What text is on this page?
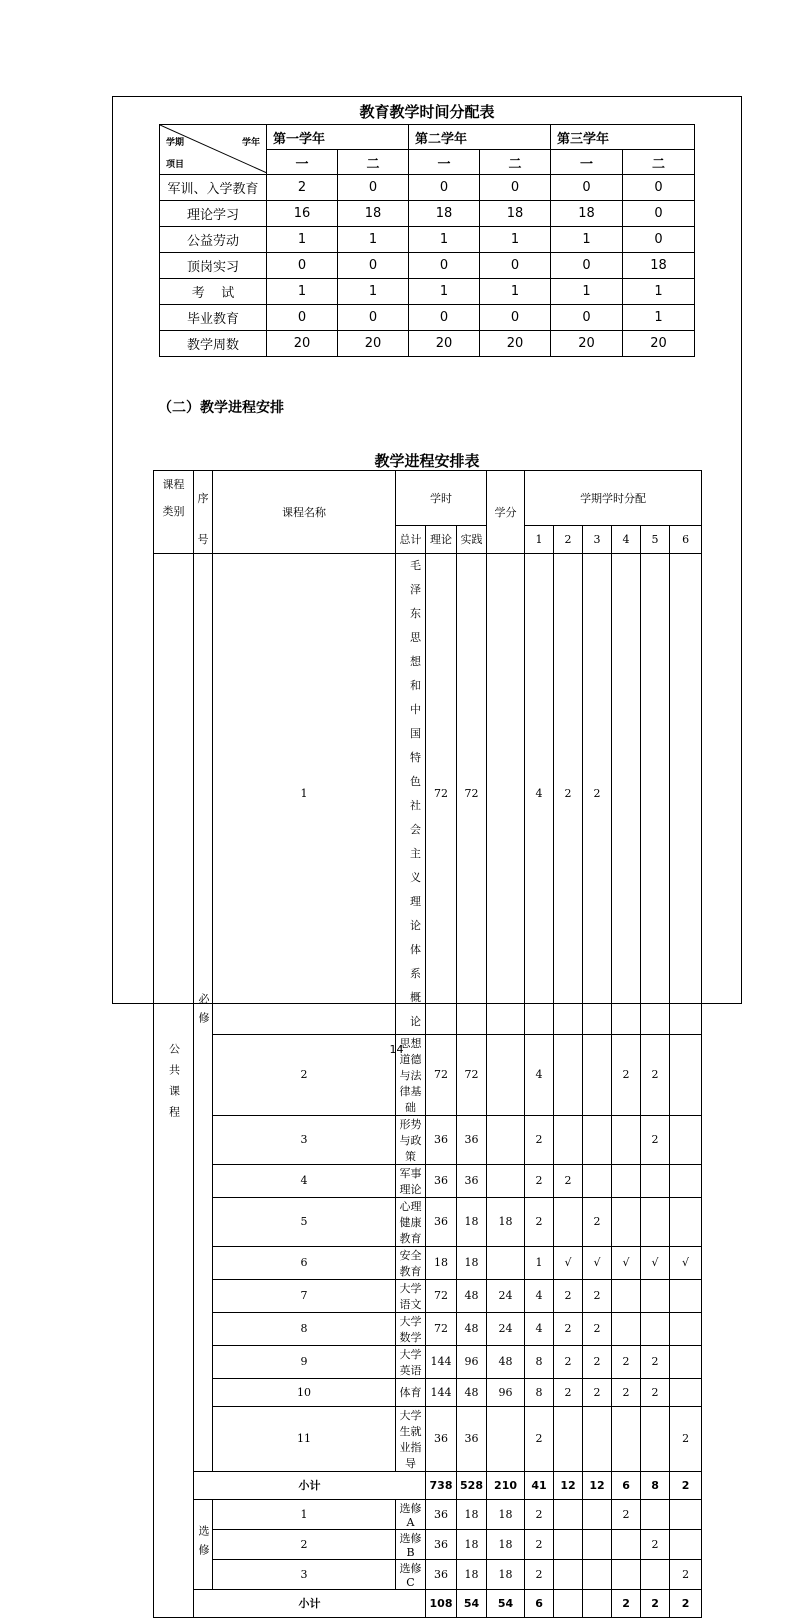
教育教学时间分配表
学期 学年
项目	第一学年		第二学年		第三学年	
	一	二	一	二	一	二
军训、入学教育	2	0	0	0	0	0
理论学习	16	18	18	18	18	0
公益劳动	1	1	1	1	1	0
顶岗实习	0	0	0	0	0	18
考    试	1	1	1	1	1	1
毕业教育	0	0	0	0	0	1
教学周数	20	20	20	20	20	20
（二）教学进程安排
教学进程安排表
课程类别	序	课程名称	学时			学分	学期学时分配						
	号		总计	理论	实践		1	2	3	4	5	6	
公共课程	必修	1	毛泽东思想和中国特色社会主义理论体系概论	72	72		4	2	2				
		2	思想道德与法律基础	72	72		4			2	2		
		3	形势与政策	36	36		2				2		
		4	军事理论	36	36		2	2					
		5	心理健康教育	36	18	18	2		2				
		6	安全教育	18	18		1	√	√	√	√	√	
		7	大学语文	72	48	24	4	2	2				
		8	大学数学	72	48	24	4	2	2				
		9	大学英语	144	96	48	8	2	2	2	2		
		10	体育	144	48	96	8	2	2	2	2		
		11	大学生就业指导	36	36		2					2	
	小计			738	528	210	41	12	12	6	8	2	
	选修	1	选修A	36	18	18	2			2			
		2	选修B	36	18	18	2				2		
		3	选修C	36	18	18	2					2	
	小计			108	54	54	6			2	2	2	
14
